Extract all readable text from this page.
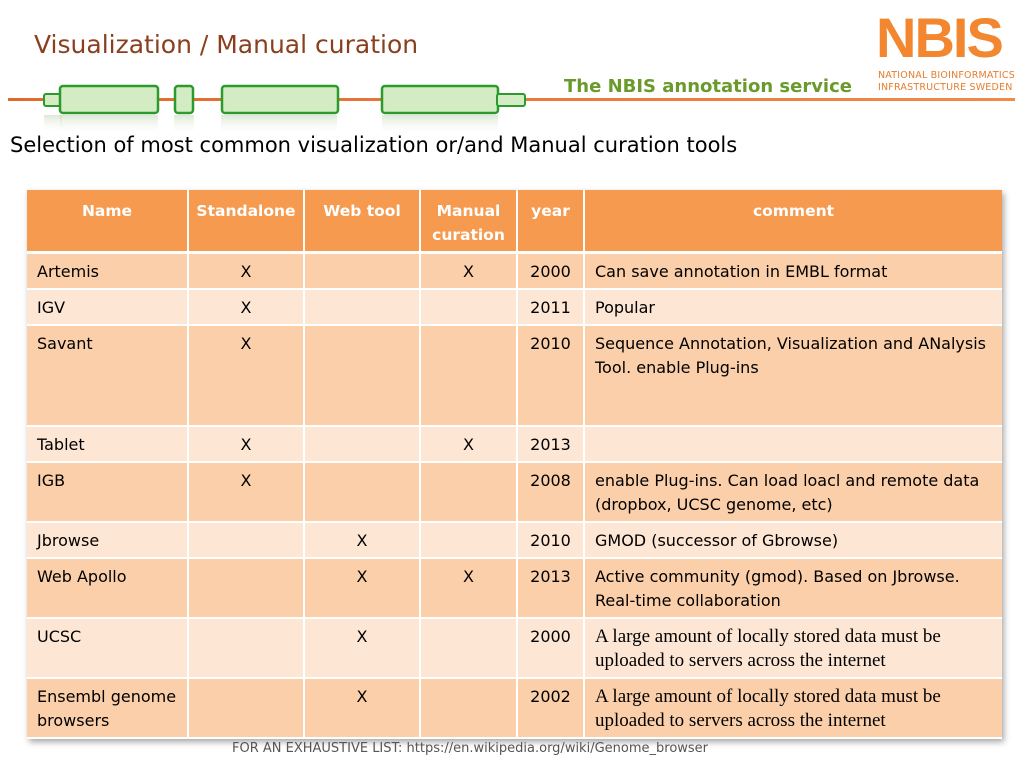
Visualization / Manual curation
The NBIS annotation service
NBIS
NATIONAL BIOINFORMATICS
INFRASTRUCTURE SWEDEN
Selection of most common visualization or/and Manual curation tools
Name	Standalone	Web tool	Manual curation	year	comment
Artemis	X		X	2000	Can save annotation in EMBL format
IGV	X			2011	Popular
Savant	X			2010	Sequence Annotation, Visualization and ANalysis Tool. enable Plug-ins
Tablet	X		X	2013	
IGB	X			2008	enable Plug-ins. Can load loacl and remote data (dropbox, UCSC genome, etc)
Jbrowse		X		2010	GMOD (successor of Gbrowse)
Web Apollo		X	X	2013	Active community (gmod). Based on Jbrowse. Real-time collaboration
UCSC		X		2000	A large amount of locally stored data must be uploaded to servers across the internet
Ensembl genome browsers		X		2002	A large amount of locally stored data must be uploaded to servers across the internet
FOR AN EXHAUSTIVE LIST: https://en.wikipedia.org/wiki/Genome_browser
